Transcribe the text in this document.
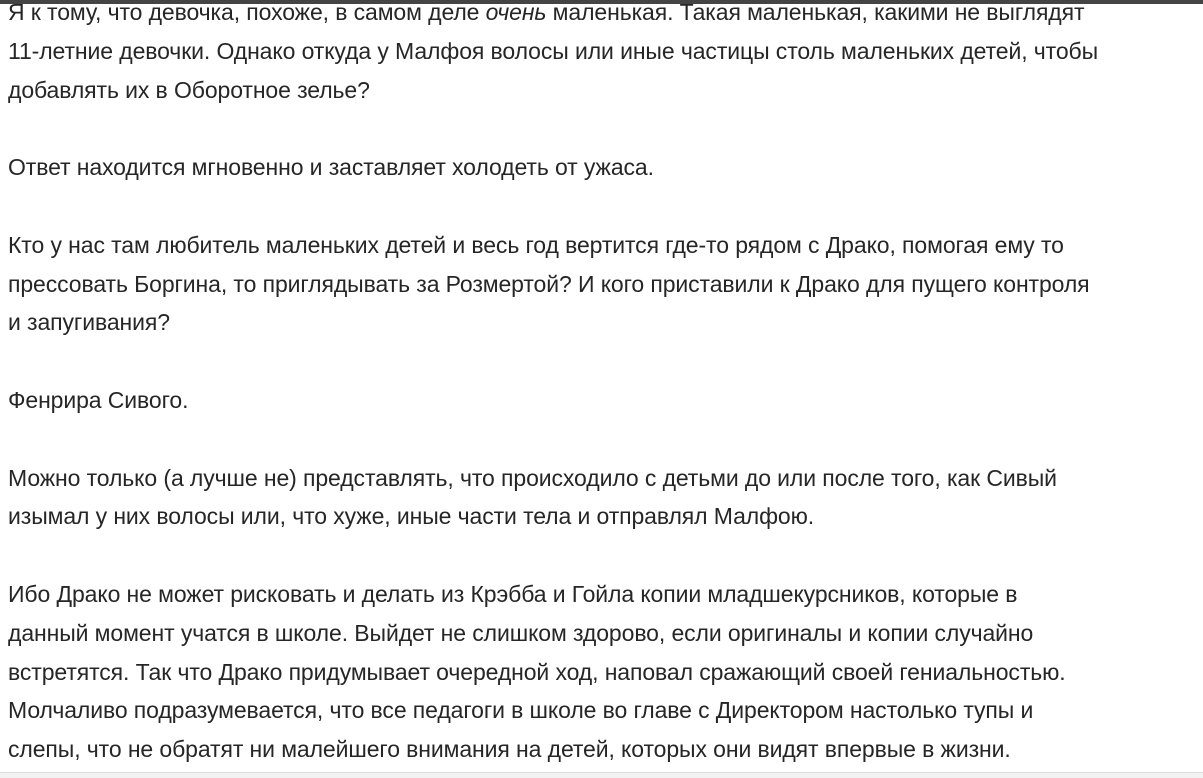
Я к тому, что девочка, похоже, в самом деле очень маленькая. Такая маленькая, какими не выглядят
11-летние девочки. Однако откуда у Малфоя волосы или иные частицы столь маленьких детей, чтобы
добавлять их в Оборотное зелье?

Ответ находится мгновенно и заставляет холодеть от ужаса.

Кто у нас там любитель маленьких детей и весь год вертится где-то рядом с Драко, помогая ему то
прессовать Боргина, то приглядывать за Розмертой? И кого приставили к Драко для пущего контроля
и запугивания?

Фенрира Сивого.

Можно только (а лучше не) представлять, что происходило с детьми до или после того, как Сивый
изымал у них волосы или, что хуже, иные части тела и отправлял Малфою.

Ибо Драко не может рисковать и делать из Крэбба и Гойла копии младшекурсников, которые в
данный момент учатся в школе. Выйдет не слишком здорово, если оригиналы и копии случайно
встретятся. Так что Драко придумывает очередной ход, наповал сражающий своей гениальностью.
Молчаливо подразумевается, что все педагоги в школе во главе с Директором настолько тупы и
слепы, что не обратят ни малейшего внимания на детей, которых они видят впервые в жизни.
